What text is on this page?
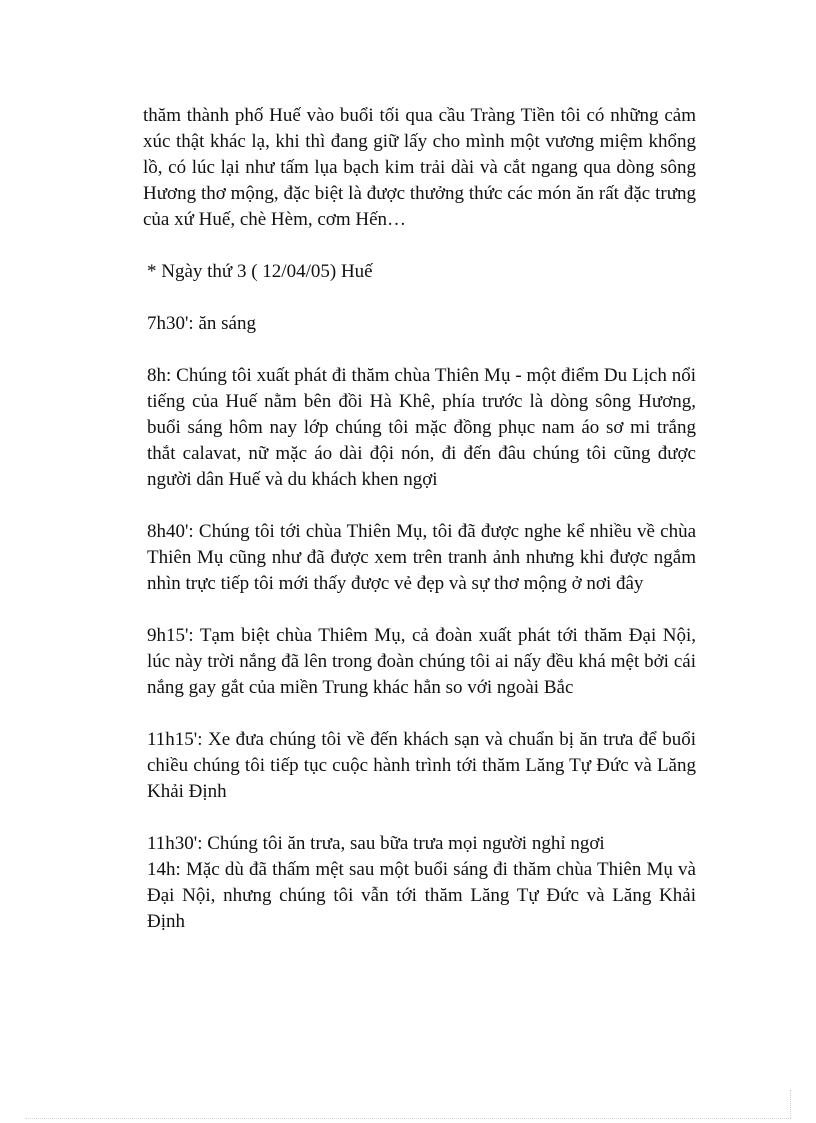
thăm thành phố Huế vào buổi tối qua cầu Tràng Tiền tôi có những cảm xúc thật khác lạ, khi thì đang giữ lấy cho mình một vương miệm khổng lồ, có lúc lại như tấm lụa bạch kim trải dài và cắt ngang qua dòng sông Hương thơ mộng, đặc biệt là được thưởng thức các món ăn rất đặc trưng của xứ Huế, chè Hèm, cơm Hến…

* Ngày thứ 3 ( 12/04/05) Huế

7h30': ăn sáng

8h: Chúng tôi xuất phát đi thăm chùa Thiên Mụ - một điểm Du Lịch nổi tiếng của Huế nằm bên đồi Hà Khê, phía trước là dòng sông Hương, buổi sáng hôm nay lớp chúng tôi mặc đồng phục nam áo sơ mi trắng thắt calavat, nữ mặc áo dài đội nón, đi đến đâu chúng tôi cũng được người dân Huế và du khách khen ngợi

8h40': Chúng tôi tới chùa Thiên Mụ, tôi đã được nghe kể nhiều về chùa Thiên Mụ cũng như đã được xem trên tranh ảnh nhưng khi được ngắm nhìn trực tiếp tôi mới thấy được vẻ đẹp và sự thơ mộng ở nơi đây

9h15': Tạm biệt chùa Thiêm Mụ, cả đoàn xuất phát tới thăm Đại Nội, lúc này trời nắng đã lên trong đoàn chúng tôi ai nấy đều khá mệt bởi cái nắng gay gắt của miền Trung khác hẳn so với ngoài Bắc

11h15': Xe đưa chúng tôi về đến khách sạn và chuẩn bị ăn trưa để buổi chiều chúng tôi tiếp tục cuộc hành trình tới thăm Lăng Tự Đức và Lăng Khải Định

11h30': Chúng tôi ăn trưa, sau bữa trưa mọi người nghỉ ngơi

14h: Mặc dù đã thấm mệt sau một buổi sáng đi thăm chùa Thiên Mụ và Đại Nội, nhưng chúng tôi vẫn tới thăm Lăng Tự Đức và Lăng Khải Định
